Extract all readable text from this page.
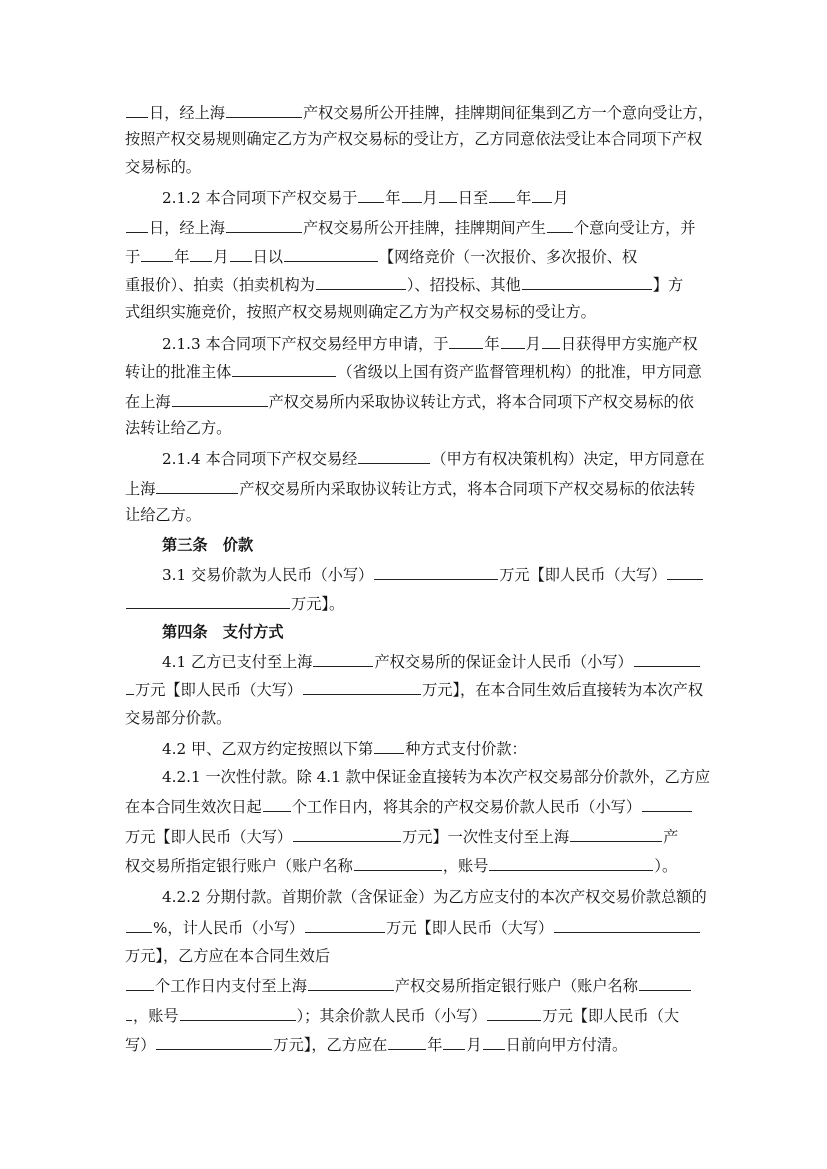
日，经上海	产权交易所公开挂牌，挂牌期间征集到乙方一个意向受让方，
按照产权交易规则确定乙方为产权交易标的受让方，乙方同意依法受让本合同项下产权
交易标的。
2.1.2 本合同项下产权交易于 年 月 日至 年 月
日，经上海	产权交易所公开挂牌，挂牌期间产生 个意向受让方，并
于 年 月 日以	【网络竞价（一次报价、多次报价、权
重报价）、拍卖（拍卖机构为	）、招投标、其他	】方
式组织实施竞价，按照产权交易规则确定乙方为产权交易标的受让方。
2.1.3 本合同项下产权交易经甲方申请，于 年 月 日获得甲方实施产权
转让的批准主体	（省级以上国有资产监督管理机构）的批准，甲方同意
在上海	产权交易所内采取协议转让方式，将本合同项下产权交易标的依
法转让给乙方。
2.1.4 本合同项下产权交易经	（甲方有权决策机构）决定，甲方同意在
上海	产权交易所内采取协议转让方式，将本合同项下产权交易标的依法转
让给乙方。
第三条　价款
3.1 交易价款为人民币（小写）	万元【即人民币（大写）
万元】。
第四条　支付方式
4.1 乙方已支付至上海	产权交易所的保证金计人民币（小写）
万元【即人民币（大写）	万元】，在本合同生效后直接转为本次产权
交易部分价款。
4.2 甲、乙双方约定按照以下第 种方式支付价款：
4.2.1 一次性付款。除 4.1 款中保证金直接转为本次产权交易部分价款外，乙方应
在本合同生效次日起 个工作日内，将其余的产权交易价款人民币（小写）
万元【即人民币（大写）	万元】一次性支付至上海	产
权交易所指定银行账户（账户名称	，账号	）。
4.2.2 分期付款。首期价款（含保证金）为乙方应支付的本次产权交易价款总额的
%，计人民币（小写）	万元【即人民币（大写）
万元】，乙方应在本合同生效后
个工作日内支付至上海	产权交易所指定银行账户（账户名称
，账号	）；其余价款人民币（小写）	万元【即人民币（大
写）	万元】，乙方应在	年 月 日前向甲方付清。
